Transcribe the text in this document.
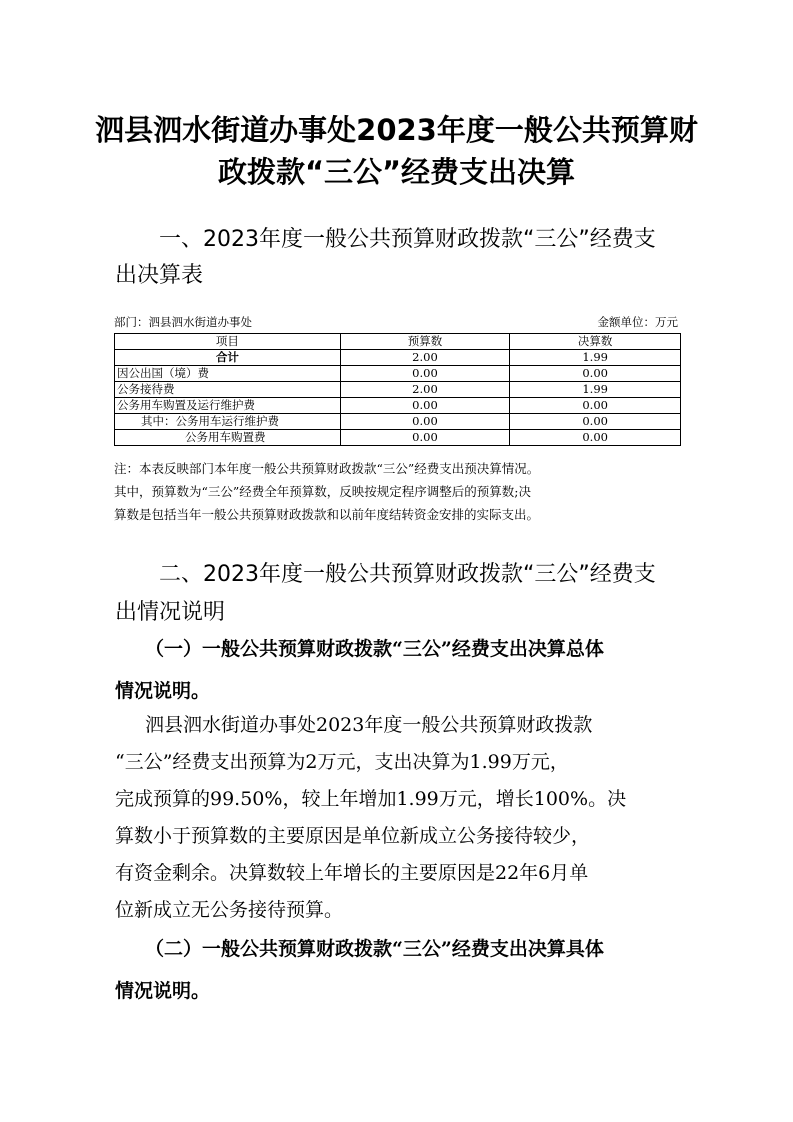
泗县泗水街道办事处2023年度一般公共预算财
政拨款“三公”经费支出决算
一、2023年度一般公共预算财政拨款“三公”经费支
出决算表
部门：泗县泗水街道办事处	金额单位：万元
项目	预算数	决算数
合计	2.00	1.99
因公出国（境）费	0.00	0.00
公务接待费	2.00	1.99
公务用车购置及运行维护费	0.00	0.00
其中：公务用车运行维护费	0.00	0.00
公务用车购置费	0.00	0.00
注：本表反映部门本年度一般公共预算财政拨款“三公”经费支出预决算情况。
其中，预算数为“三公”经费全年预算数，反映按规定程序调整后的预算数;决
算数是包括当年一般公共预算财政拨款和以前年度结转资金安排的实际支出。
二、2023年度一般公共预算财政拨款“三公”经费支
出情况说明
（一）一般公共预算财政拨款“三公”经费支出决算总体
情况说明。
泗县泗水街道办事处2023年度一般公共预算财政拨款
“三公”经费支出预算为2万元，支出决算为1.99万元，
完成预算的99.50%，较上年增加1.99万元，增长100%。决
算数小于预算数的主要原因是单位新成立公务接待较少，
有资金剩余。决算数较上年增长的主要原因是22年6月单
位新成立无公务接待预算。
（二）一般公共预算财政拨款“三公”经费支出决算具体
情况说明。
